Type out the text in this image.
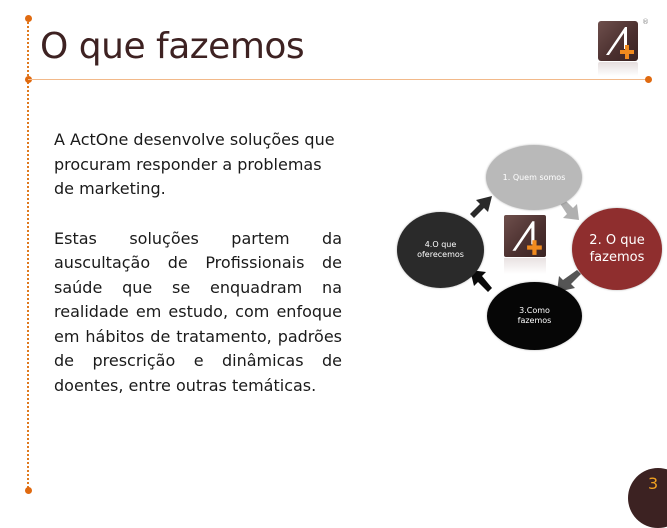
O que fazemos
®

A ActOne desenvolve soluções que procuram responder a problemas de marketing.

Estas soluções partem da auscultação de Profissionais de saúde que se enquadram na realidade em estudo, com enfoque em hábitos de tratamento, padrões de prescrição e dinâmicas de doentes, entre outras temáticas.

1. Quem somos
2. O que fazemos
3.Como fazemos
4.O que oferecemos
3
